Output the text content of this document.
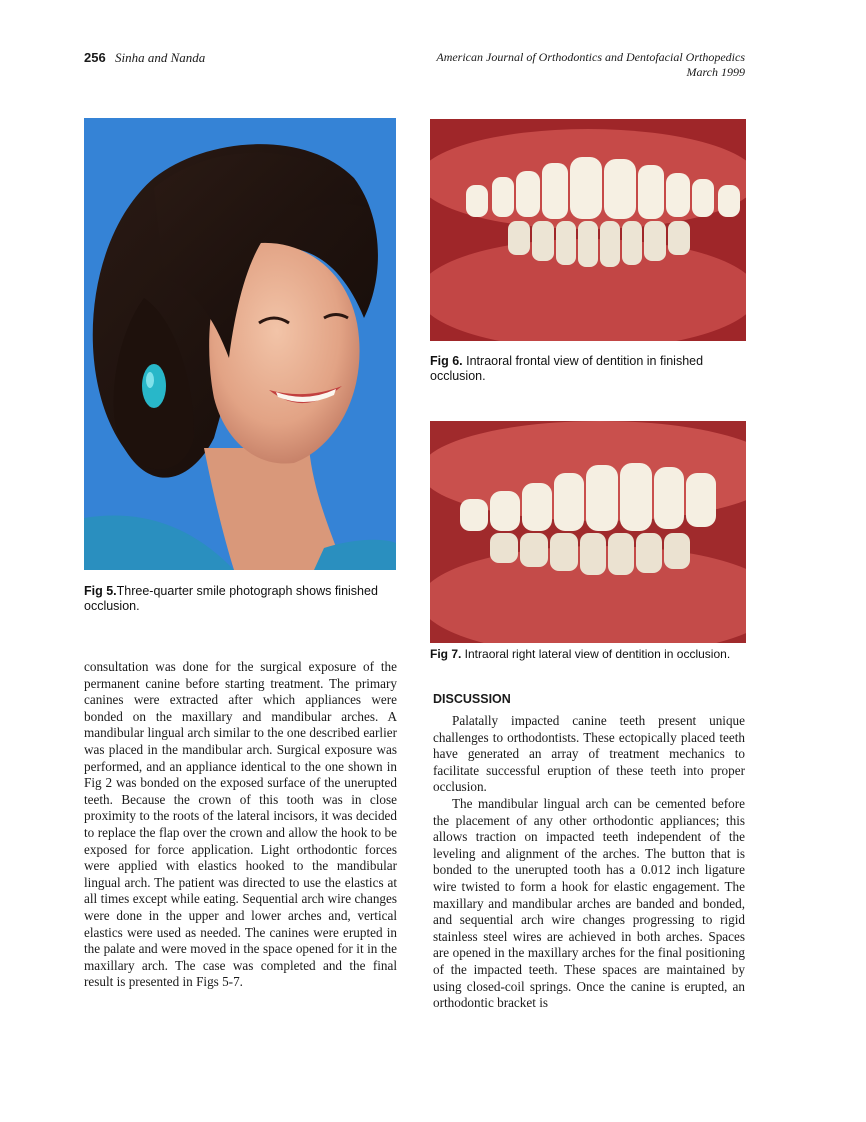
256 Sinha and Nanda	American Journal of Orthodontics and Dentofacial Orthopedics
March 1999
Fig 5.Three-quarter smile photograph shows finished occlusion.
Fig 6. Intraoral frontal view of dentition in finished occlusion.
Fig 7. Intraoral right lateral view of dentition in occlusion.

consultation was done for the surgical exposure of the permanent canine before starting treatment. The primary canines were extracted after which appliances were bonded on the maxillary and mandibular arches. A mandibular lingual arch similar to the one described earlier was placed in the mandibular arch. Surgical exposure was performed, and an appliance identical to the one shown in Fig 2 was bonded on the exposed surface of the unerupted teeth. Because the crown of this tooth was in close proximity to the roots of the lateral incisors, it was decided to replace the flap over the crown and allow the hook to be exposed for force application. Light orthodontic forces were applied with elastics hooked to the mandibular lingual arch. The patient was directed to use the elastics at all times except while eating. Sequential arch wire changes were done in the upper and lower arches and, vertical elastics were used as needed. The canines were erupted in the palate and were moved in the space opened for it in the maxillary arch. The case was completed and the final result is presented in Figs 5-7.

DISCUSSION

Palatally impacted canine teeth present unique challenges to orthodontists. These ectopically placed teeth have generated an array of treatment mechanics to facilitate successful eruption of these teeth into proper occlusion.

The mandibular lingual arch can be cemented before the placement of any other orthodontic appliances; this allows traction on impacted teeth independent of the leveling and alignment of the arches. The button that is bonded to the unerupted tooth has a 0.012 inch ligature wire twisted to form a hook for elastic engagement. The maxillary and mandibular arches are banded and bonded, and sequential arch wire changes progressing to rigid stainless steel wires are achieved in both arches. Spaces are opened in the maxillary arches for the final positioning of the impacted teeth. These spaces are maintained by using closed-coil springs. Once the canine is erupted, an orthodontic bracket is
